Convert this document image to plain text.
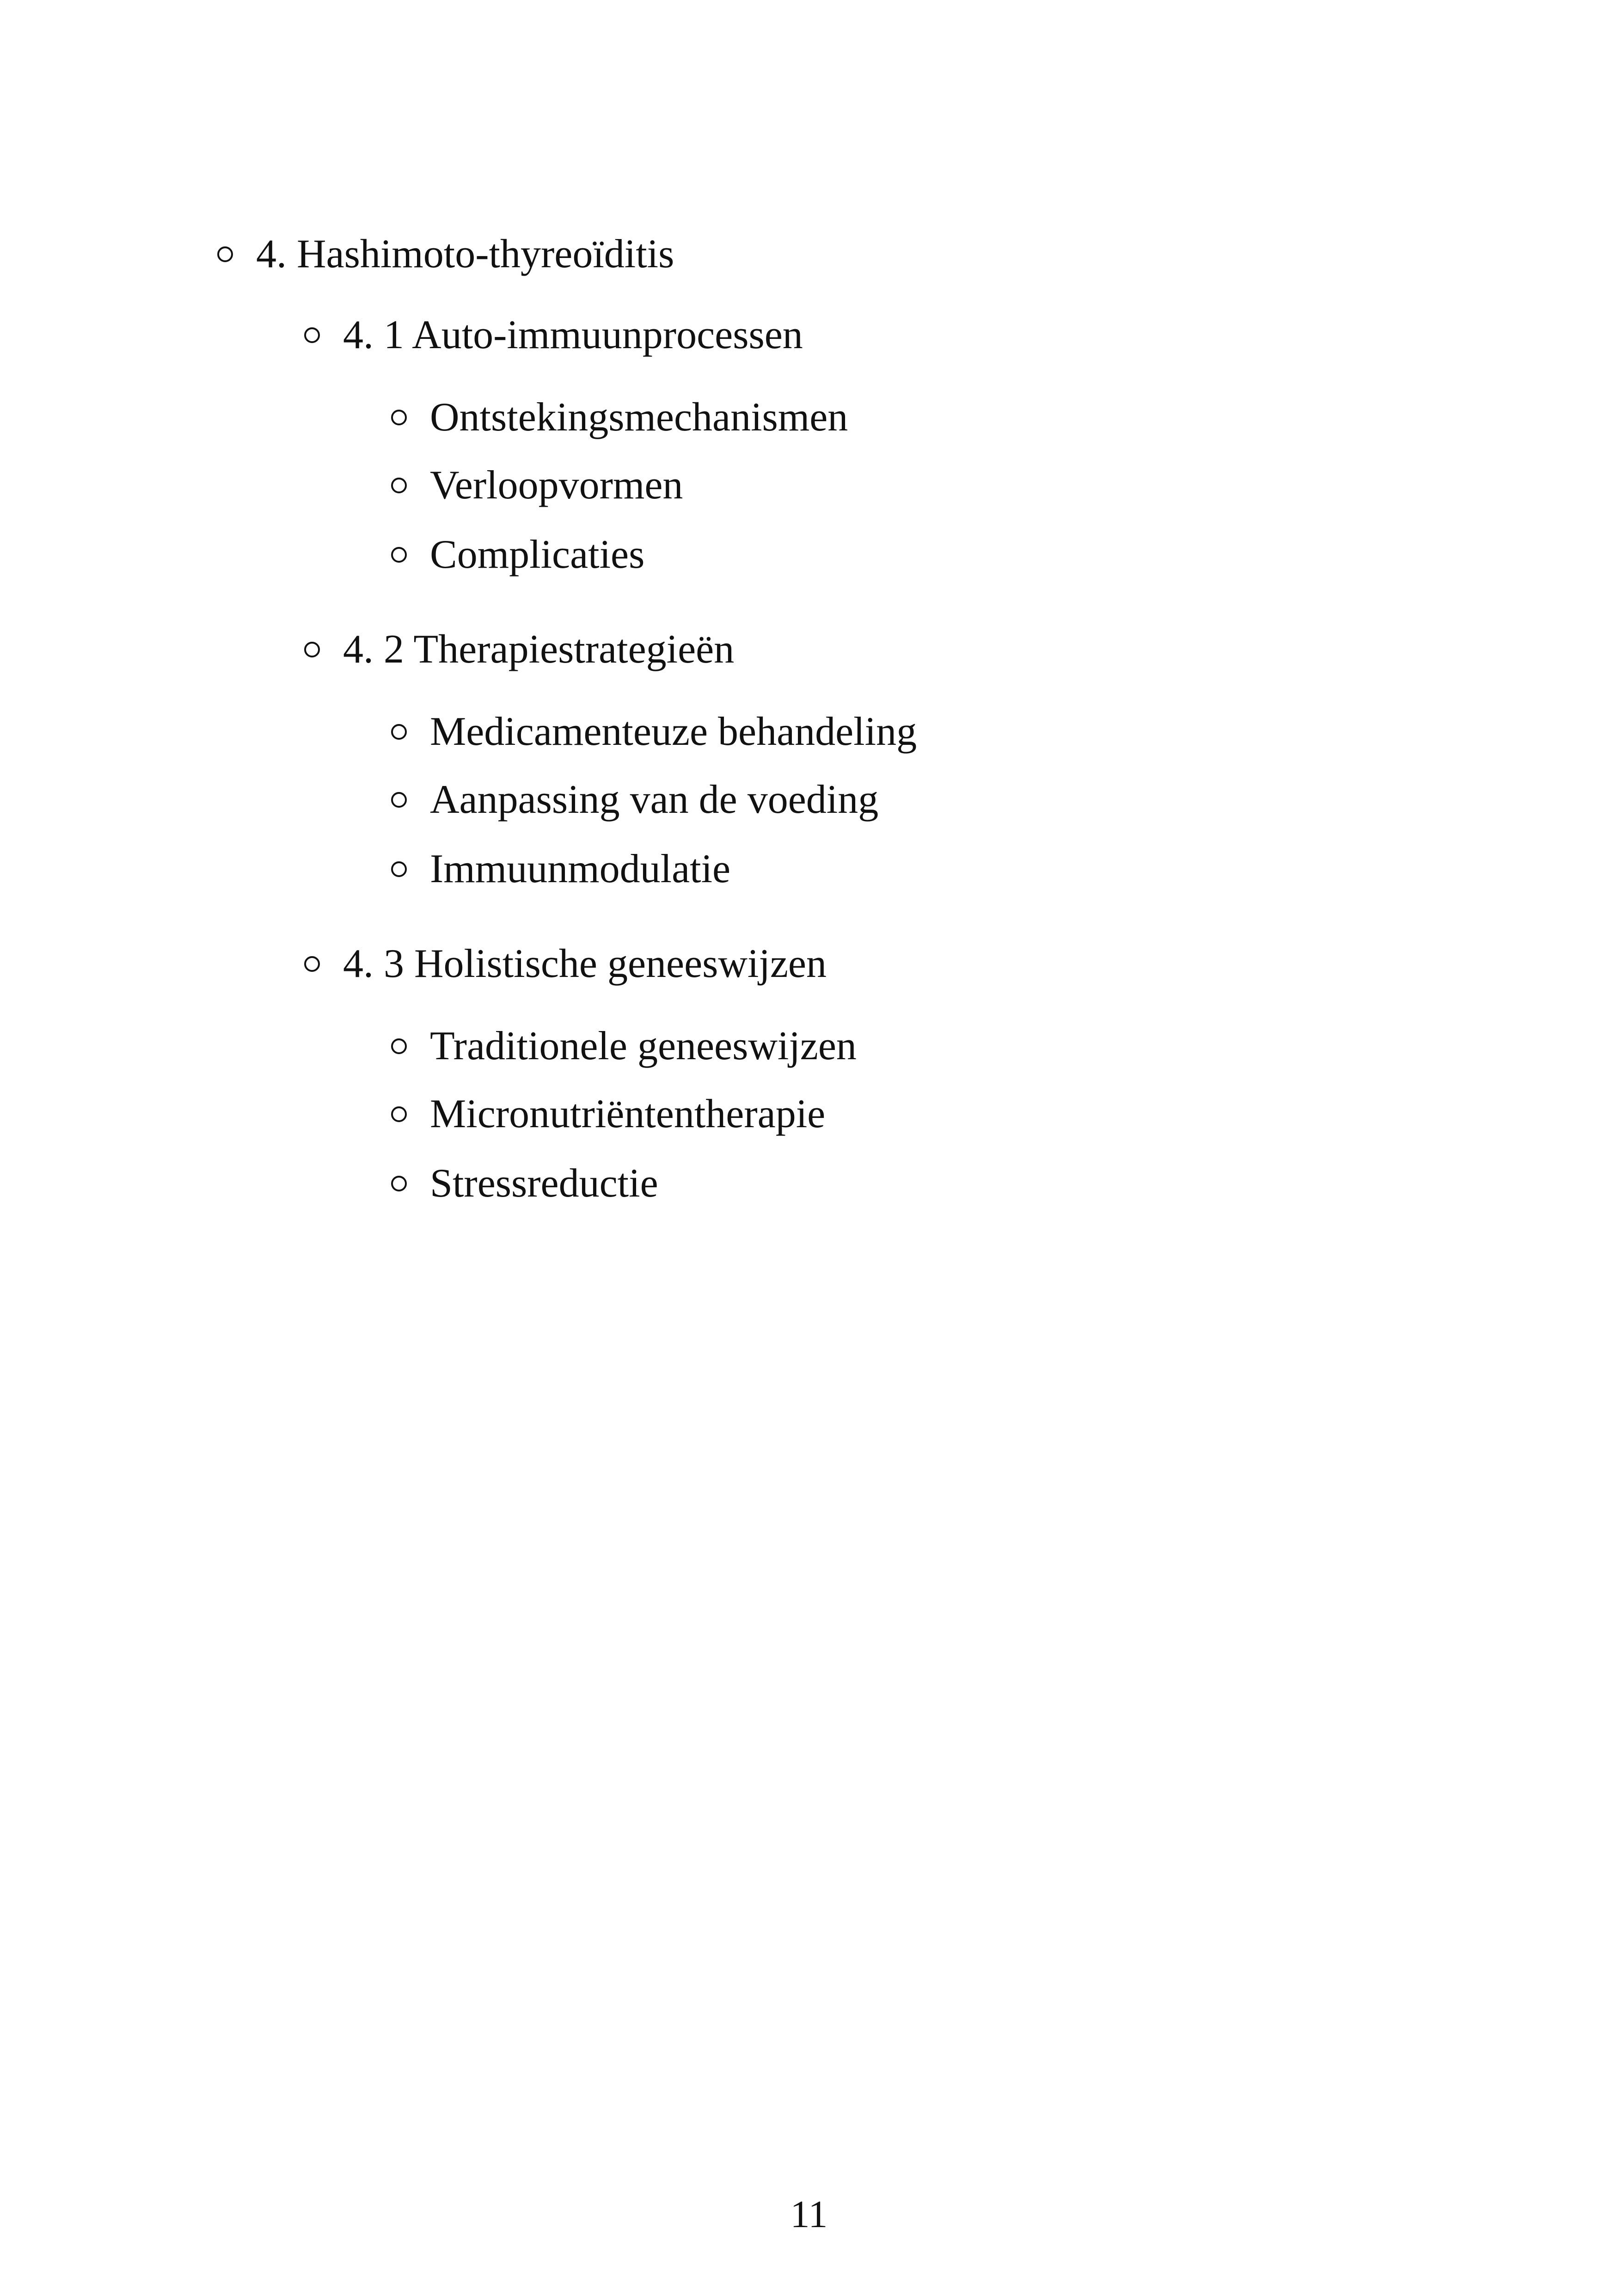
4. Hashimoto-thyreoïditis
4. 1 Auto-immuunprocessen
Ontstekingsmechanismen
Verloopvormen
Complicaties
4. 2 Therapiestrategieën
Medicamenteuze behandeling
Aanpassing van de voeding
Immuunmodulatie
4. 3 Holistische geneeswijzen
Traditionele geneeswijzen
Micronutriëntentherapie
Stressreductie
11
